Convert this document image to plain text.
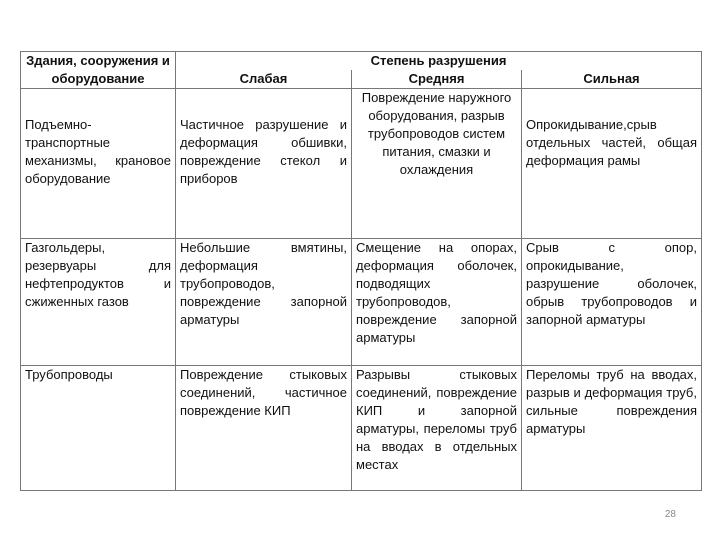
Здания, сооружения и оборудование	Степень разрушения		
	Слабая	Средняя	Сильная
Подъемно-транспортные механизмы, крановое оборудование	Частичное разрушение и деформация обшивки, повреждение стекол и приборов	Повреждение наружного оборудования, разрыв трубопроводов систем питания, смазки и охлаждения	Опрокидывание,срыв отдельных частей, общая деформация рамы
Газгольдеры, резервуары для нефтепродуктов и сжиженных газов	Небольшие вмятины, деформация трубопроводов, повреждение запорной арматуры	Смещение на опорах, деформация оболочек, подводящих трубопроводов, повреждение запорной арматуры	Срыв с опор, опрокидывание, разрушение оболочек, обрыв трубопроводов и запорной арматуры
Трубопроводы	Повреждение стыковых соединений, частичное повреждение КИП	Разрывы стыковых соединений, повреждение КИП и запорной арматуры, переломы труб на вводах в отдельных местах	Переломы труб на вводах, разрыв и деформация труб, сильные повреждения арматуры
28
